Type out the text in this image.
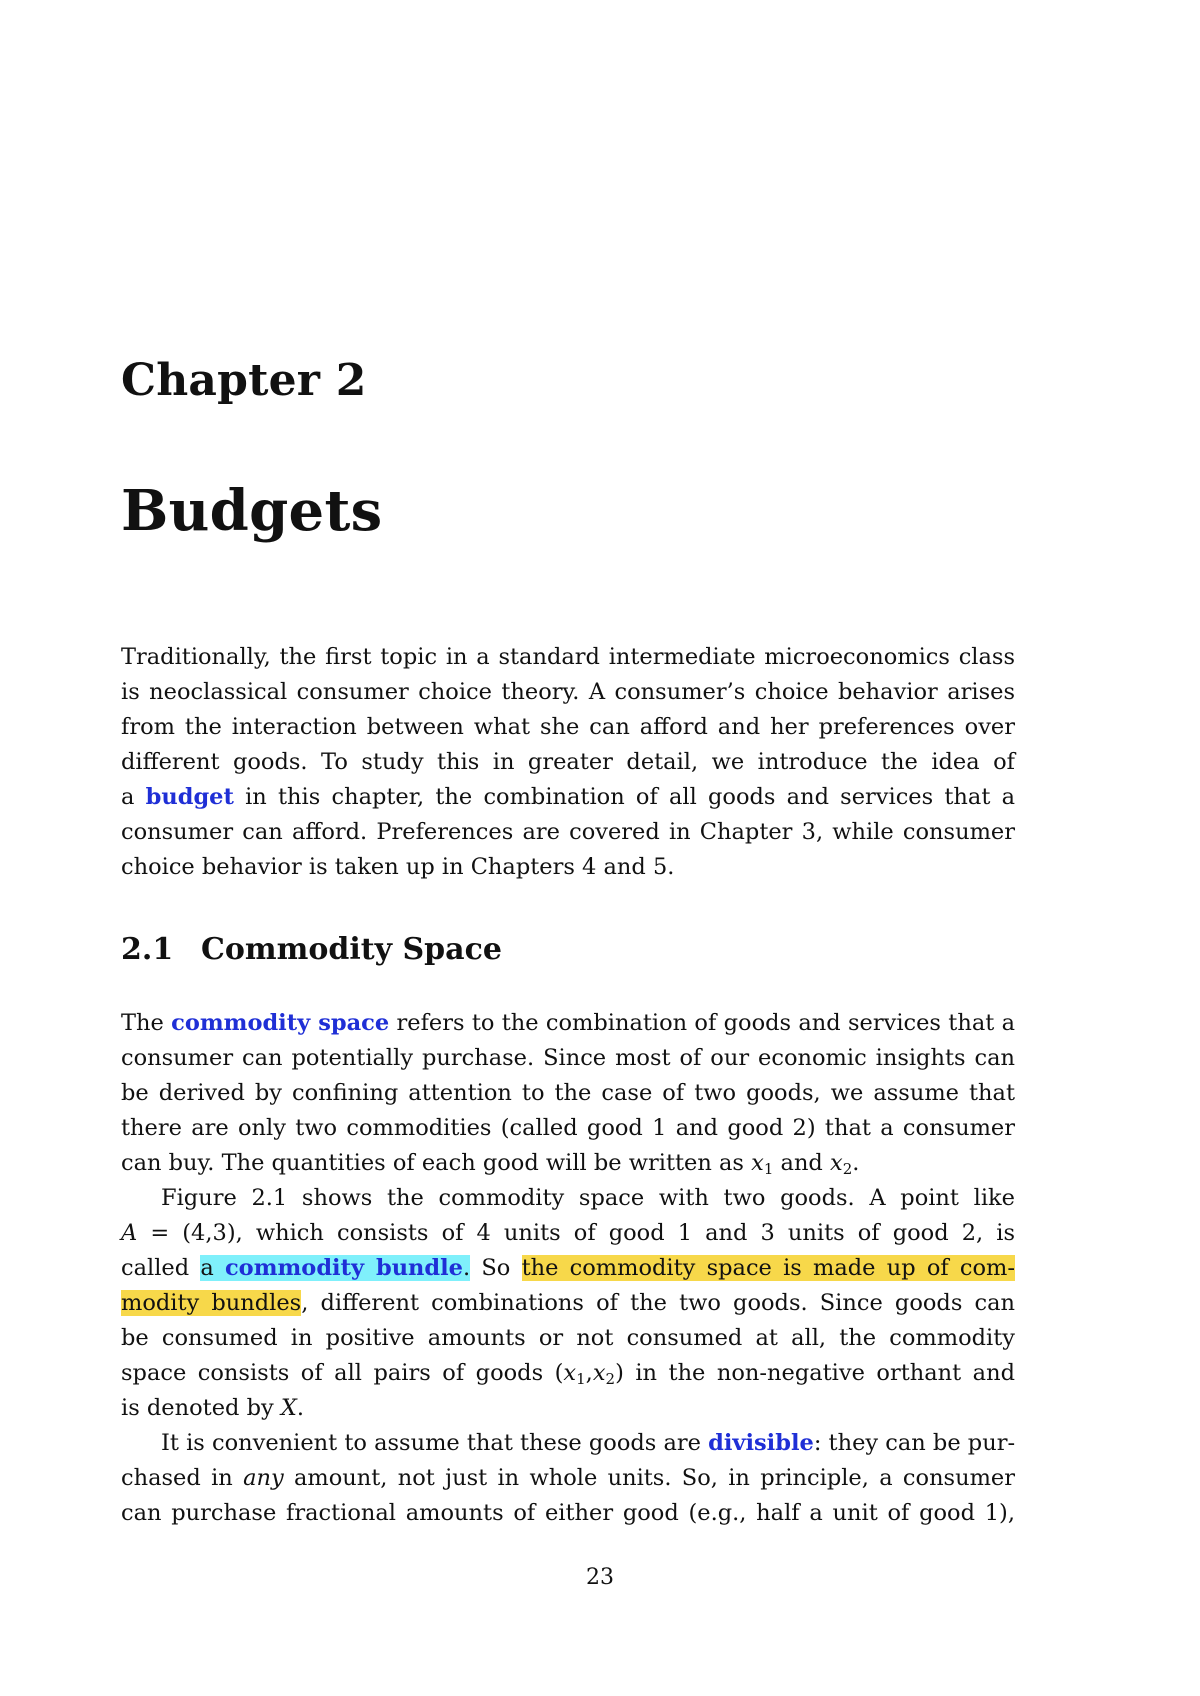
Chapter 2
Budgets
Traditionally, the first topic in a standard intermediate microeconomics class
is neoclassical consumer choice theory. A consumer’s choice behavior arises
from the interaction between what she can afford and her preferences over
different goods. To study this in greater detail, we introduce the idea of
a budget in this chapter, the combination of all goods and services that a
consumer can afford. Preferences are covered in Chapter 3, while consumer
choice behavior is taken up in Chapters 4 and 5.
2.1 Commodity Space
The commodity space refers to the combination of goods and services that a
consumer can potentially purchase. Since most of our economic insights can
be derived by confining attention to the case of two goods, we assume that
there are only two commodities (called good 1 and good 2) that a consumer
can buy. The quantities of each good will be written as $x_1$ and $x_2$.
Figure 2.1 shows the commodity space with two goods. A point like
A = (4,3), which consists of 4 units of good 1 and 3 units of good 2, is
called a commodity bundle. So the commodity space is made up of com-
modity bundles, different combinations of the two goods. Since goods can
be consumed in positive amounts or not consumed at all, the commodity
space consists of all pairs of goods $(x_1,x_2)$ in the non-negative orthant and
is denoted by X.
It is convenient to assume that these goods are divisible: they can be pur-
chased in any amount, not just in whole units. So, in principle, a consumer
can purchase fractional amounts of either good (e.g., half a unit of good 1),
23
